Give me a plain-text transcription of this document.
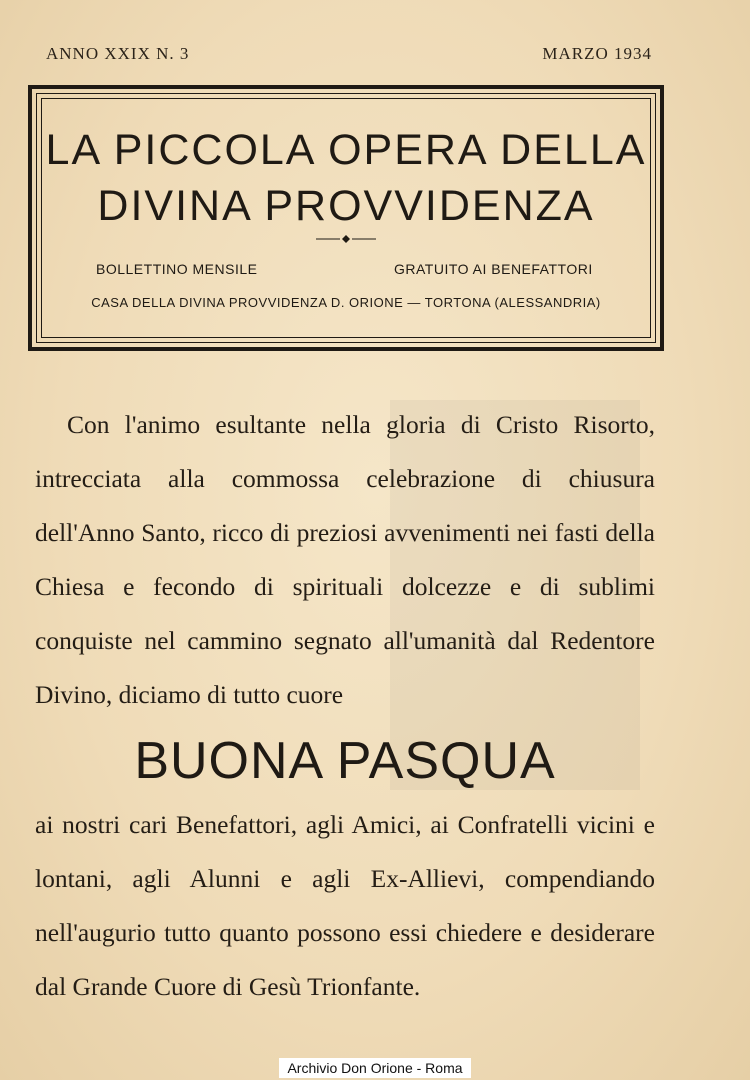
ANNO XXIX N. 3	MARZO 1934
LA PICCOLA OPERA DELLA
DIVINA PROVVIDENZA
BOLLETTINO MENSILE	GRATUITO AI BENEFATTORI
CASA DELLA DIVINA PROVVIDENZA D. ORIONE — TORTONA (ALESSANDRIA)

Con l'animo esultante nella gloria di Cristo Risorto, intrecciata alla commossa celebrazione di chiusura dell'Anno Santo, ricco di preziosi avvenimenti nei fasti della Chiesa e fecondo di spirituali dolcezze e di sublimi conquiste nel cammino segnato all'umanità dal Redentore Divino, diciamo di tutto cuore

BUONA PASQUA

ai nostri cari Benefattori, agli Amici, ai Confratelli vicini e lontani, agli Alunni e agli Ex-Allievi, compendiando nell'augurio tutto quanto possono essi chiedere e desiderare dal Grande Cuore di Gesù Trionfante.

Archivio Don Orione - Roma
